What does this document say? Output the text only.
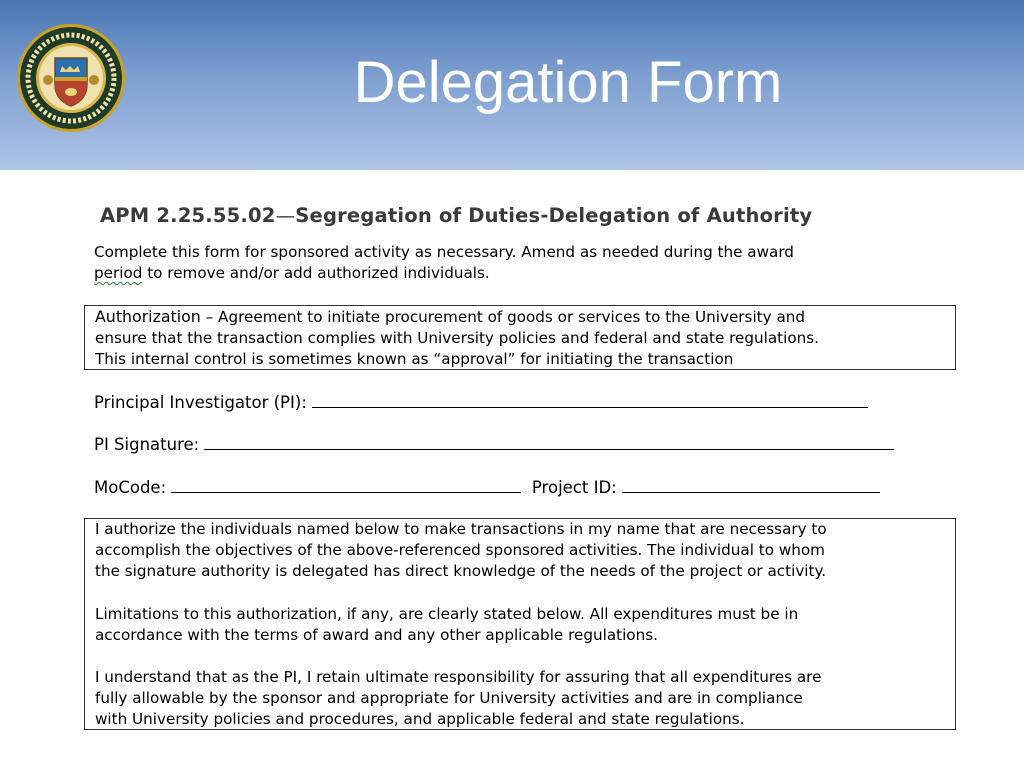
Delegation Form
APM 2.25.55.02—Segregation of Duties-Delegation of Authority
Complete this form for sponsored activity as necessary. Amend as needed during the award
period to remove and/or add authorized individuals.
Authorization – Agreement to initiate procurement of goods or services to the University and
ensure that the transaction complies with University policies and federal and state regulations.
This internal control is sometimes known as “approval” for initiating the transaction
Principal Investigator (PI):
PI Signature:
MoCode:	Project ID:
I authorize the individuals named below to make transactions in my name that are necessary to
accomplish the objectives of the above-referenced sponsored activities. The individual to whom
the signature authority is delegated has direct knowledge of the needs of the project or activity.
Limitations to this authorization, if any, are clearly stated below. All expenditures must be in
accordance with the terms of award and any other applicable regulations.
I understand that as the PI, I retain ultimate responsibility for assuring that all expenditures are
fully allowable by the sponsor and appropriate for University activities and are in compliance
with University policies and procedures, and applicable federal and state regulations.
